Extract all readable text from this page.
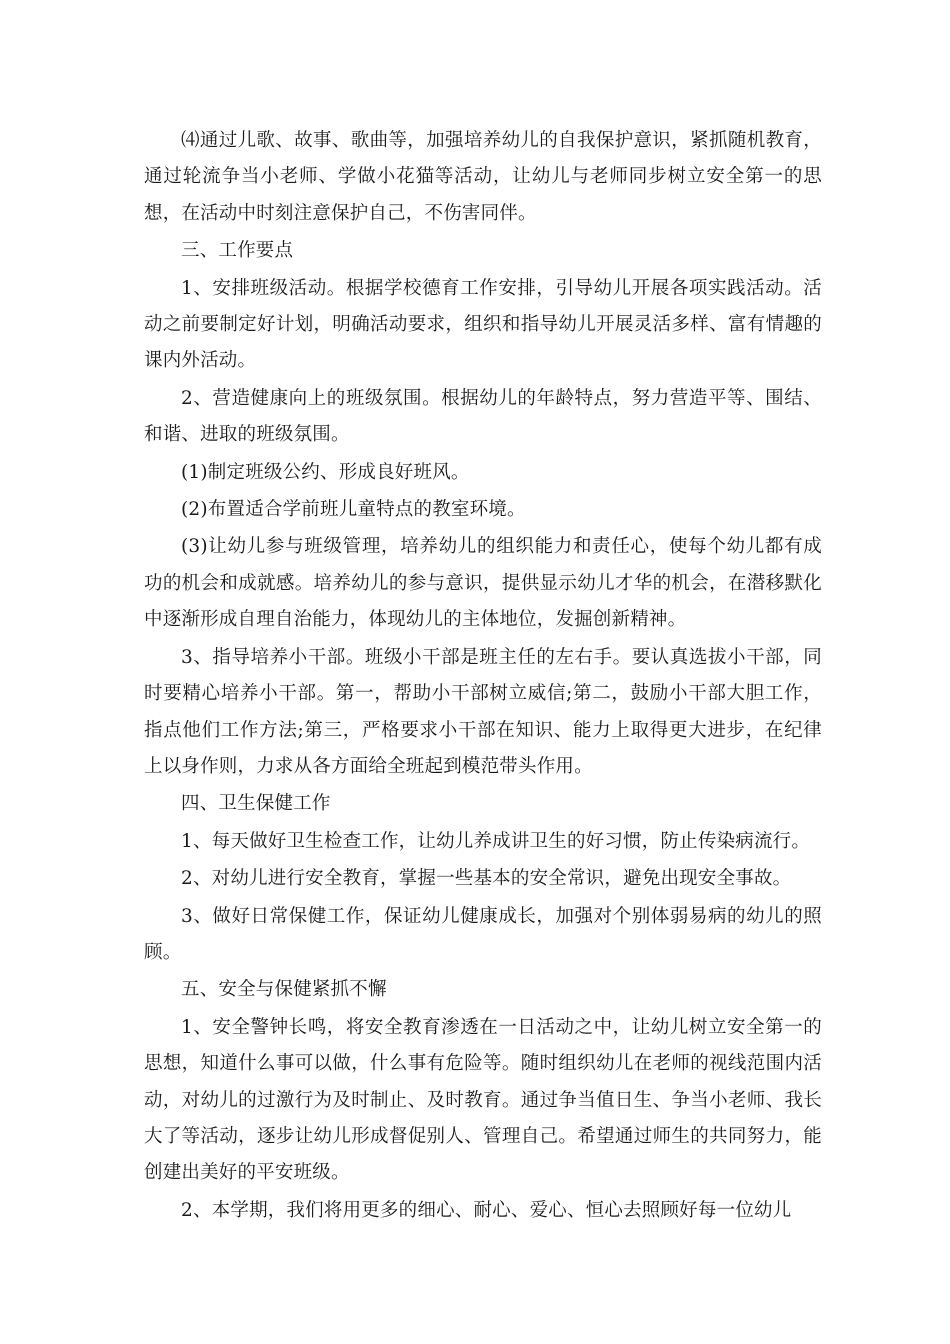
⑷通过儿歌、故事、歌曲等，加强培养幼儿的自我保护意识，紧抓随机教育，通过轮流争当小老师、学做小花猫等活动，让幼儿与老师同步树立安全第一的思想，在活动中时刻注意保护自己，不伤害同伴。

三、工作要点

1、安排班级活动。根据学校德育工作安排，引导幼儿开展各项实践活动。活动之前要制定好计划，明确活动要求，组织和指导幼儿开展灵活多样、富有情趣的课内外活动。

2、营造健康向上的班级氛围。根据幼儿的年龄特点，努力营造平等、围结、和谐、进取的班级氛围。

(1)制定班级公约、形成良好班风。

(2)布置适合学前班儿童特点的教室环境。

(3)让幼儿参与班级管理，培养幼儿的组织能力和责任心，使每个幼儿都有成功的机会和成就感。培养幼儿的参与意识，提供显示幼儿才华的机会，在潜移默化中逐渐形成自理自治能力，体现幼儿的主体地位，发掘创新精神。

3、指导培养小干部。班级小干部是班主任的左右手。要认真选拔小干部，同时要精心培养小干部。第一，帮助小干部树立威信;第二，鼓励小干部大胆工作，指点他们工作方法;第三，严格要求小干部在知识、能力上取得更大进步，在纪律上以身作则，力求从各方面给全班起到模范带头作用。

四、卫生保健工作

1、每天做好卫生检查工作，让幼儿养成讲卫生的好习惯，防止传染病流行。

2、对幼儿进行安全教育，掌握一些基本的安全常识，避免出现安全事故。

3、做好日常保健工作，保证幼儿健康成长，加强对个别体弱易病的幼儿的照顾。

五、安全与保健紧抓不懈

1、安全警钟长鸣，将安全教育渗透在一日活动之中，让幼儿树立安全第一的思想，知道什么事可以做，什么事有危险等。随时组织幼儿在老师的视线范围内活动，对幼儿的过激行为及时制止、及时教育。通过争当值日生、争当小老师、我长大了等活动，逐步让幼儿形成督促别人、管理自己。希望通过师生的共同努力，能创建出美好的平安班级。

2、本学期，我们将用更多的细心、耐心、爱心、恒心去照顾好每一位幼儿
